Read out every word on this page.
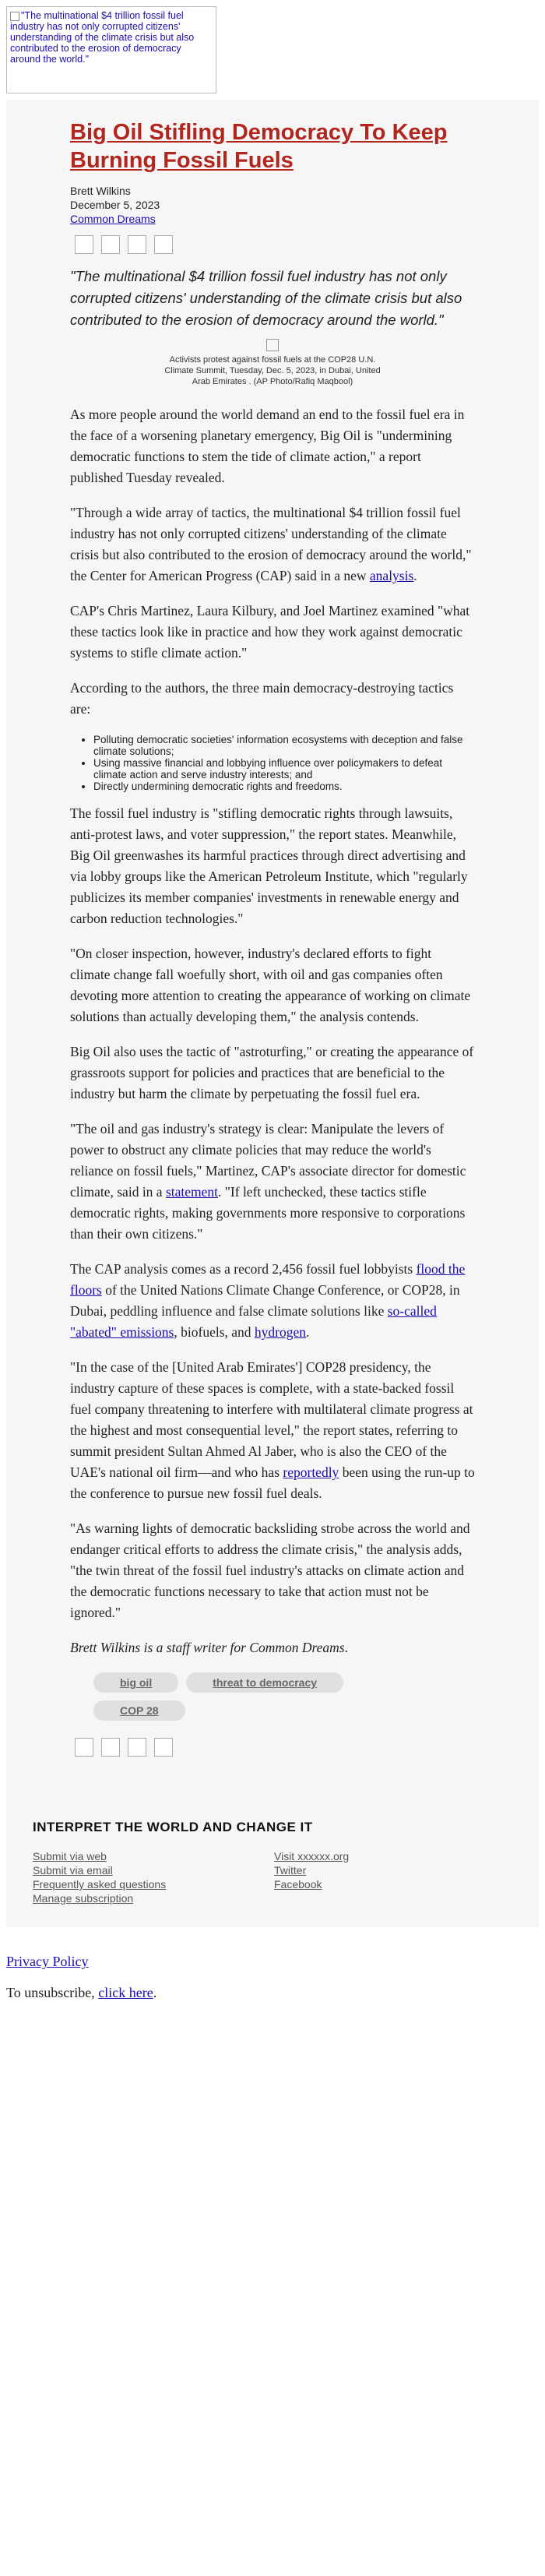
"The multinational $4 trillion fossil fuel industry has not only corrupted citizens' understanding of the climate crisis but also contributed to the erosion of democracy around the world."
Big Oil Stifling Democracy To Keep Burning Fossil Fuels
Brett Wilkins
December 5, 2023
Common Dreams

"The multinational $4 trillion fossil fuel industry has not only corrupted citizens' understanding of the climate crisis but also contributed to the erosion of democracy around the world."

Activists protest against fossil fuels at the COP28 U.N. Climate Summit, Tuesday, Dec. 5, 2023, in Dubai, United Arab Emirates . (AP Photo/Rafiq Maqbool)

As more people around the world demand an end to the fossil fuel era in the face of a worsening planetary emergency, Big Oil is "undermining democratic functions to stem the tide of climate action," a report published Tuesday revealed.

"Through a wide array of tactics, the multinational $4 trillion fossil fuel industry has not only corrupted citizens' understanding of the climate crisis but also contributed to the erosion of democracy around the world," the Center for American Progress (CAP) said in a new analysis.

CAP's Chris Martinez, Laura Kilbury, and Joel Martinez examined "what these tactics look like in practice and how they work against democratic systems to stifle climate action."

According to the authors, the three main democracy-destroying tactics are:

• Polluting democratic societies' information ecosystems with deception and false climate solutions;
• Using massive financial and lobbying influence over policymakers to defeat climate action and serve industry interests; and
• Directly undermining democratic rights and freedoms.

The fossil fuel industry is "stifling democratic rights through lawsuits, anti-protest laws, and voter suppression," the report states. Meanwhile, Big Oil greenwashes its harmful practices through direct advertising and via lobby groups like the American Petroleum Institute, which "regularly publicizes its member companies' investments in renewable energy and carbon reduction technologies."

"On closer inspection, however, industry's declared efforts to fight climate change fall woefully short, with oil and gas companies often devoting more attention to creating the appearance of working on climate solutions than actually developing them," the analysis contends.

Big Oil also uses the tactic of "astroturfing," or creating the appearance of grassroots support for policies and practices that are beneficial to the industry but harm the climate by perpetuating the fossil fuel era.

"The oil and gas industry's strategy is clear: Manipulate the levers of power to obstruct any climate policies that may reduce the world's reliance on fossil fuels," Martinez, CAP's associate director for domestic climate, said in a statement. "If left unchecked, these tactics stifle democratic rights, making governments more responsive to corporations than their own citizens."

The CAP analysis comes as a record 2,456 fossil fuel lobbyists flood the floors of the United Nations Climate Change Conference, or COP28, in Dubai, peddling influence and false climate solutions like so-called "abated" emissions, biofuels, and hydrogen.

"In the case of the [United Arab Emirates'] COP28 presidency, the industry capture of these spaces is complete, with a state-backed fossil fuel company threatening to interfere with multilateral climate progress at the highest and most consequential level," the report states, referring to summit president Sultan Ahmed Al Jaber, who is also the CEO of the UAE's national oil firm—and who has reportedly been using the run-up to the conference to pursue new fossil fuel deals.

"As warning lights of democratic backsliding strobe across the world and endanger critical efforts to address the climate crisis," the analysis adds, "the twin threat of the fossil fuel industry's attacks on climate action and the democratic functions necessary to take that action must not be ignored."

Brett Wilkins is a staff writer for Common Dreams.

big oil	threat to democracy
COP 28
INTERPRET THE WORLD AND CHANGE IT
Submit via web
Submit via email
Frequently asked questions
Manage subscription
Visit xxxxxx.org
Twitter
Facebook

Privacy Policy

To unsubscribe, click here.
